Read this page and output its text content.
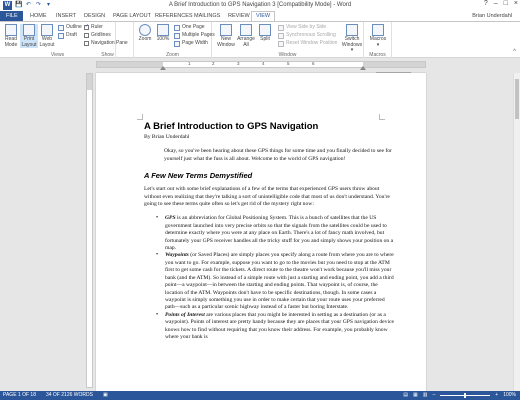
W 💾 ↶ ↷ ▾	A Brief Introduction to GPS Navigation 3 [Compatibility Mode] - Word	? – □ ×
FILE	HOME INSERT DESIGN PAGE LAYOUT REFERENCES MAILINGS REVIEW	VIEW	Brian Underdahl
Read Mode
Print Layout
Web Layout
Outline
Draft
Views
✓
Ruler
Gridlines
Navigation Pane
Show
Zoom	100%
One Page
Multiple Pages
Page Width
Zoom
New Window
Arrange All
Split
View Side by Side
Synchronous Scrolling
Reset Window Position
Switch Windows ▾
Window
Macros ▾
Macros	^
1	2	3	4	5	6
A Brief Introduction to GPS Navigation
By Brian Underdahl
Okay, so you've been hearing about these GPS things for some time and you finally decided to see for yourself just what the fuss is all about. Welcome to the world of GPS navigation!
A Few New Terms Demystified

Let's start out with some brief explanations of a few of the terms that experienced GPS users throw about without even realizing that they're talking a sort of unintelligible code that most of us don't understand. You're going to see these terms quite often so let's get rid of the mystery right now:

• GPS is an abbreviation for Global Positioning System. This is a bunch of satellites that the US government launched into very precise orbits so that the signals from the satellites could be used to determine exactly where you were at any place on Earth. There's a lot of fancy math involved, but fortunately your GPS receiver handles all the tricky stuff for you and simply shows your position on a map.
• Waypoints (or Saved Places) are simply places you specify along a route from where you are to where you want to go. For example, suppose you want to go to the movies but you need to stop at the ATM first to get some cash for the tickets. A direct route to the theatre won't work because you'll miss your bank (and the ATM). So instead of a simple route with just a starting and ending point, you add a third point—a waypoint—in between the starting and ending points. That waypoint is, of course, the location of the ATM. Waypoints don't have to be specific destinations, though. In some cases a waypoint is simply something you use in order to make certain that your route uses your preferred path—such as a particular scenic highway instead of a faster but boring Interstate.
• Points of Interest are various places that you might be interested in setting as a destination (or as a waypoint). Points of interest are pretty handy because they are places that your GPS navigation device knows how to find without requiring that you know their address. For example, you probably know where your bank is
PAGE 1 OF 18 34 OF 2126 WORDS ▣	▤ ▦ ▥ –	+ 100%
